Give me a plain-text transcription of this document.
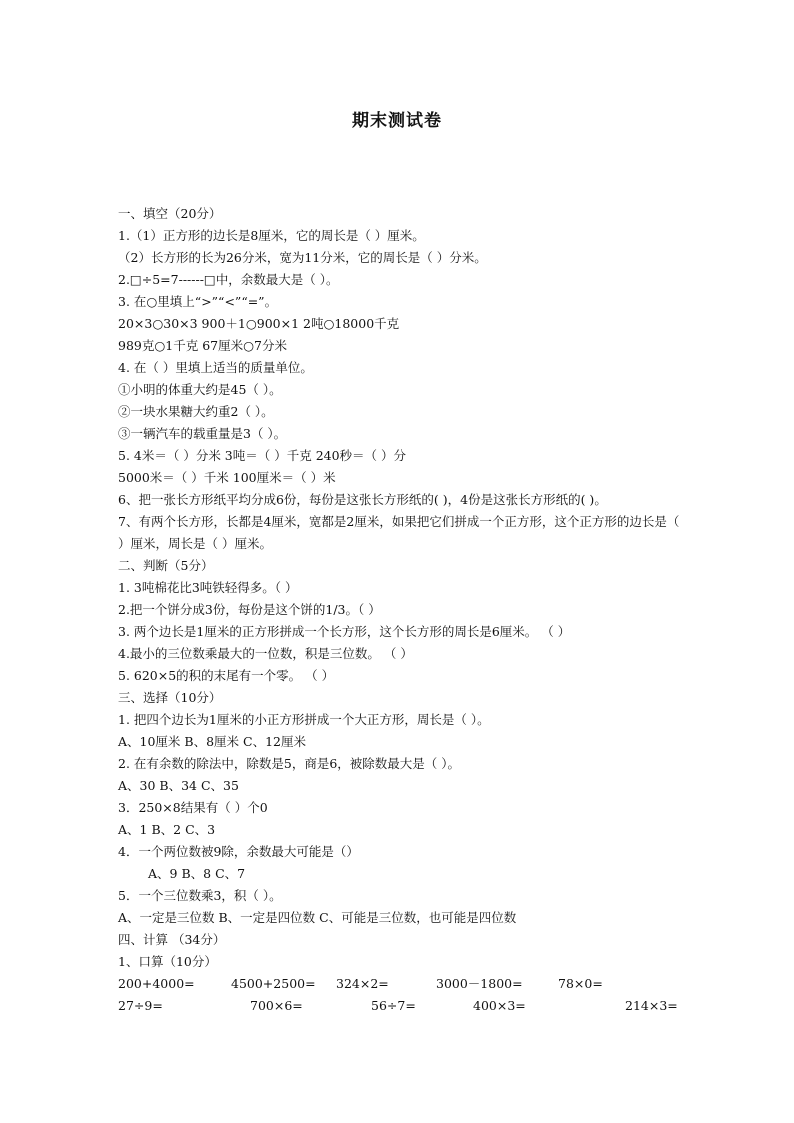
期末测试卷
一、填空（20分）
1.（1）正方形的边长是8厘米，它的周长是（ ）厘米。
（2）长方形的长为26分米，宽为11分米，它的周长是（ ）分米。
2.□÷5=7------□中，余数最大是（ ）。
3. 在○里填上“>”“<”“=”。
20×3○30×3 900＋1○900×1 2吨○18000千克
989克○1千克 67厘米○7分米
4. 在（ ）里填上适当的质量单位。
①小明的体重大约是45（ ）。
②一块水果糖大约重2（ ）。
③一辆汽车的载重量是3（ ）。
5. 4米＝（ ）分米 3吨＝（ ）千克 240秒＝（ ）分
5000米＝（ ）千米 100厘米＝（ ）米
6、把一张长方形纸平均分成6份，每份是这张长方形纸的( )，4份是这张长方形纸的( )。
7、有两个长方形，长都是4厘米，宽都是2厘米，如果把它们拼成一个正方形，这个正方形的边长是（ ）厘米，周长是（ ）厘米。
二、判断（5分）
1. 3吨棉花比3吨铁轻得多。（ ）
2.把一个饼分成3份，每份是这个饼的1/3。（ ）
3. 两个边长是1厘米的正方形拼成一个长方形，这个长方形的周长是6厘米。 （ ）
4.最小的三位数乘最大的一位数，积是三位数。 （ ）
5. 620×5的积的末尾有一个零。 （ ）
三、选择（10分）
1. 把四个边长为1厘米的小正方形拼成一个大正方形，周长是（ ）。
A、10厘米 B、8厘米 C、12厘米
2. 在有余数的除法中，除数是5，商是6，被除数最大是（ ）。
A、30 B、34 C、35
3．250×8结果有（ ）个0
A、1 B、2 C、3
4．一个两位数被9除，余数最大可能是（）
A、9 B、8 C、7
5．一个三位数乘3，积（ ）。
A、一定是三位数 B、一定是四位数 C、可能是三位数，也可能是四位数
四、计算 （34分）
1、口算（10分）
200+4000=	4500+2500= 324×2=	3000－1800=	78×0=
27÷9=	700×6=	56÷7=	400×3=	214×3=
